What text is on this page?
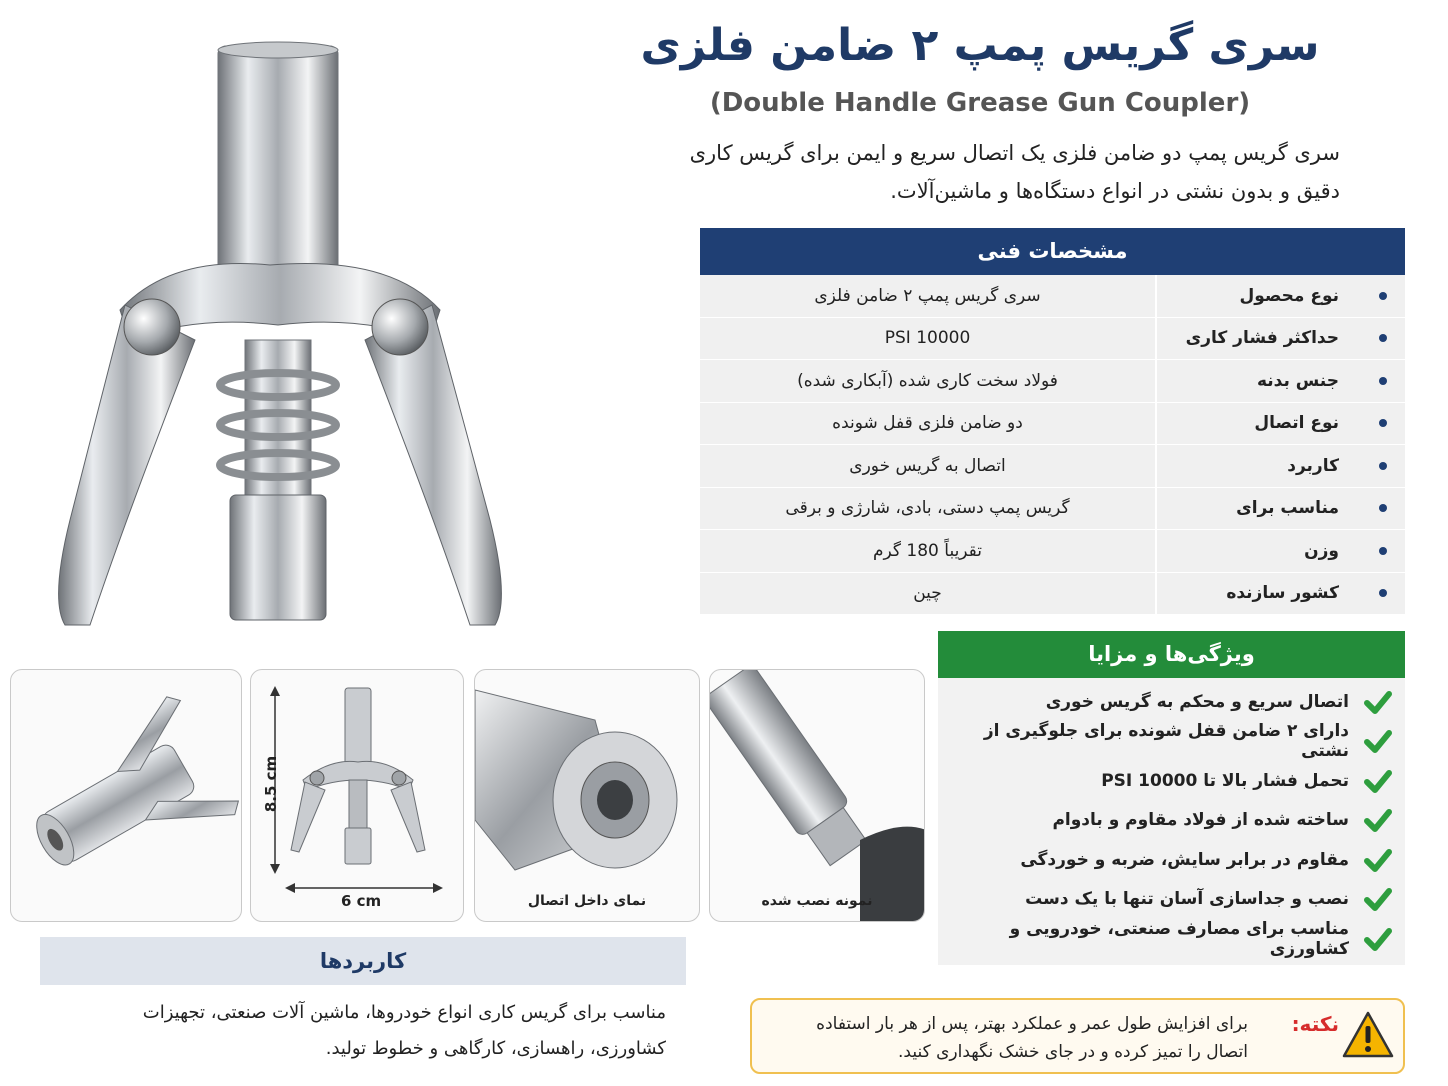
سری گریس پمپ ۲ ضامن فلزی
(Double Handle Grease Gun Coupler)
سری گریس پمپ دو ضامن فلزی یک اتصال سریع و ایمن برای گریس کاری
دقیق و بدون نشتی در انواع دستگاه‌ها و ماشین‌آلات.
مشخصات فنی
نوع محصول
سری گریس پمپ ۲ ضامن فلزی
حداکثر فشار کاری
10000 PSI
جنس بدنه
فولاد سخت کاری شده (آبکاری شده)
نوع اتصال
دو ضامن فلزی قفل شونده
کاربرد
اتصال به گریس خوری
مناسب برای
گریس پمپ دستی، بادی، شارژی و برقی
وزن
تقریباً 180 گرم
کشور سازنده
چین
8.5 cm
6 cm	نمای داخل اتصال	نمونه نصب شده
ویژگی‌ها و مزایا
اتصال سریع و محکم به گریس خوری
دارای ۲ ضامن قفل شونده برای جلوگیری از نشتی
تحمل فشار بالا تا 10000 PSI
ساخته شده از فولاد مقاوم و بادوام
مقاوم در برابر سایش، ضربه و خوردگی
نصب و جداسازی آسان تنها با یک دست
مناسب برای مصارف صنعتی، خودرویی و کشاورزی
کاربردها
مناسب برای گریس کاری انواع خودروها، ماشین آلات صنعتی، تجهیزات
کشاورزی، راهسازی، کارگاهی و خطوط تولید.
نکته:
برای افزایش طول عمر و عملکرد بهتر، پس از هر بار استفاده
اتصال را تمیز کرده و در جای خشک نگهداری کنید.
